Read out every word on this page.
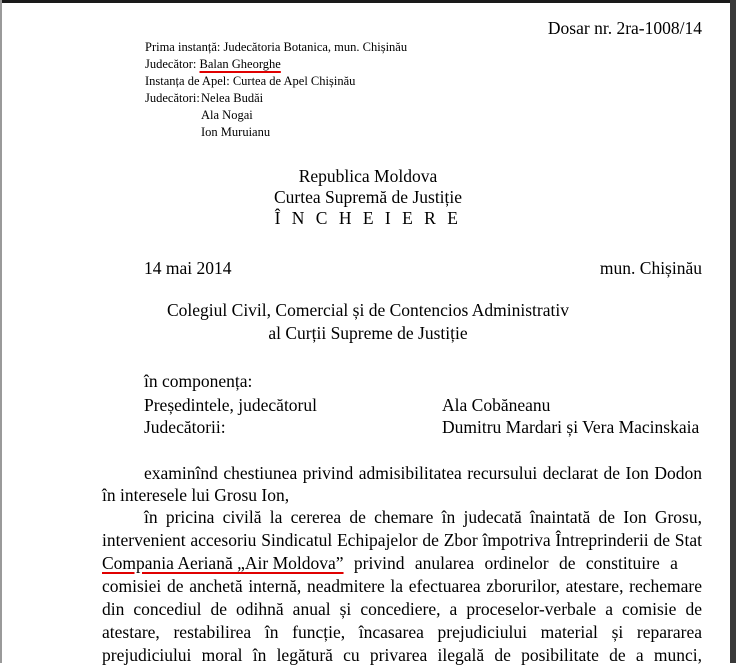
Dosar nr. 2ra-1008/14
Prima instanță: Judecătoria Botanica, mun. Chișinău
Judecător: Balan Gheorghe
Instanța de Apel: Curtea de Apel Chișinău
Judecători: Nelea Budăi
Ala Nogai
Ion Muruianu
Republica Moldova
Curtea Supremă de Justiție
Î N C H E I E R E
14 mai 2014	mun. Chișinău
Colegiul Civil, Comercial și de Contencios Administrativ
al Curții Supreme de Justiție
în componența:
Președintele, judecătorul	Ala Cobăneanu
Judecătorii:	Dumitru Mardari și Vera Macinskaia
examinînd chestiunea privind admisibilitatea recursului declarat de Ion Dodon
în interesele lui Grosu Ion,
în pricina civilă la cererea de chemare în judecată înaintată de Ion Grosu,
intervenient accesoriu Sindicatul Echipajelor de Zbor împotriva Întreprinderii de Stat
Compania Aeriană „Air Moldova” privind anularea ordinelor de constituire a
comisiei de anchetă internă, neadmitere la efectuarea zborurilor, atestare, rechemare
din concediul de odihnă anual și concediere, a proceselor-verbale a comisie de
atestare, restabilirea în funcție, încasarea prejudiciului material și repararea
prejudiciului moral în legătură cu privarea ilegală de posibilitate de a munci,
